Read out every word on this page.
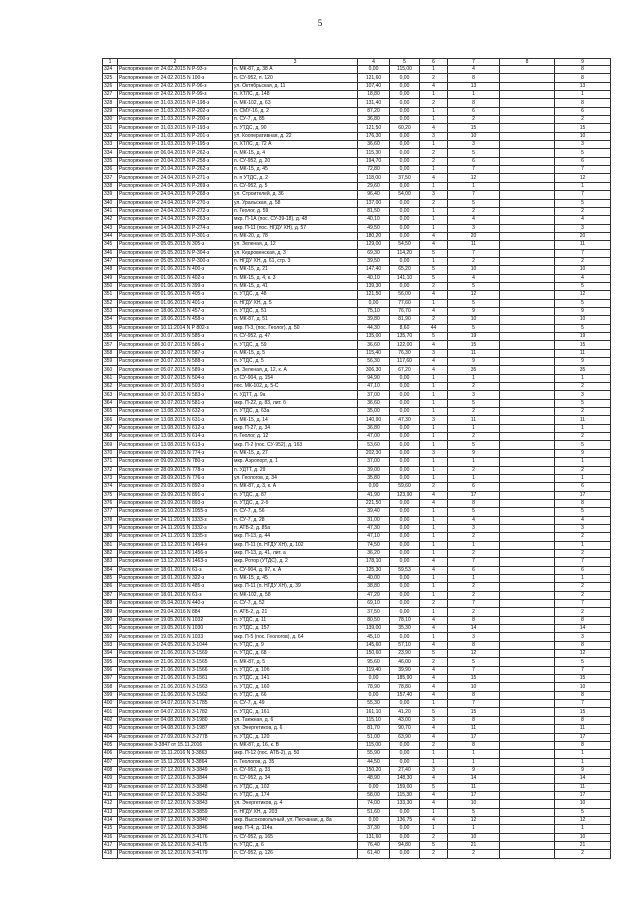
5
1	2	3	4	5	6	7	8	9
324	Распоряжение от 24.02.2015 N Р-93-з	п. МК-87, д. 38 А	0,00	115,00	1	4		8
325	Распоряжение от 24.02.2015 N 100-з	п. СУ-952, п. 120	121,60	0,00	2	8		8
326	Распоряжение от 24.02.2015 N Р-96-з	ул. Октябрьская, д. 11	107,40	0,00	4	13		13
327	Распоряжение от 24.02.2015 N Р-99-з	п. ХТЛС, д. 148	18,80	0,00	1	1		1
328	Распоряжение от 31.03.2015 N Р-198-з	п. МК-102, д. 63	131,40	0,00	2	8		8
329	Распоряжение от 31.03.2015 N Р-202-з	п. СМУ-16, д. 2	87,20	0,00	1	6		6
330	Распоряжение от 31.03.2015 N Р-200-з	п. СУ-7, д. 85	36,80	0,00	1	2		2
331	Распоряжение от 31.03.2015 N Р-193-з	п. УТДС, д. 90	121,50	60,20	4	15		15
332	Распоряжение от 31.03.2015 N Р-201-з	ул. Кооперативная, д. 22	176,30	0,00	3	10		10
333	Распоряжение от 31.03.2015 N Р-195-з	п. ХТЛС, д. 72 А	36,60	0,00	1	3		3
334	Распоряжение от 06.04.2015 N Р-262-з	п. МК-15, д. 4	115,30	0,00	2	5		5
335	Распоряжение от 20.04.2015 N Р-258-з	п. СУ-952, д. 20	194,70	0,00	2	6		6
336	Распоряжение от 20.04.2015 N Р-262-з	п. МК-15, д. 45	72,80	0,00	1	7		7
337	Распоряжение от 24.04.2015 N Р-271-з	п. п УТДС, д. 2	118,00	37,50	4	12		12
338	Распоряжение от 24.04.2015 N Р-269-з	п. СУ-952, д. 5	29,60	0,00	1	1		1
339	Распоряжение от 24.04.2015 N Р-268-з	ул. Строителей, д. 36	96,40	54,00	3	7		7
340	Распоряжение от 24.04.2015 N Р-270-з	ул. Уральская, д. 58	137,00	0,00	2	5		5
341	Распоряжение от 24.04.2015 N Р-272-з	п. Геолог, д. 59	81,50	0,00	1	2		2
342	Распоряжение от 24.04.2015 N Р-263-з	мкр. П-1А (пос. СУ-39-18), д. 48	40,10	0,00	1	4		4
343	Распоряжение от 14.04.2015 N Р-274-з	мкр. П-11 (пос. НГДУ ХН), д. 57	49,50	0,00	1	3		3
344	Распоряжение от 05.05.2015 N Р-301-з	п. МК-20, д. 78	180,20	0,00	4	20		20
345	Распоряжение от 05.05.2015 N 305-з	ул. Зеленая, д. 12	129,00	54,50	4	11		11
346	Распоряжение от 05.05.2015 N Р-304-з	ул. Кедровенская, д. 3	69,30	114,20	5	7		7
347	Распоряжение от 05.05.2015 N Р-300-з	п. НГДУ ХН, д. 61, стр. 3	39,50	0,00	1	2		2
348	Распоряжение от 01.06.2015 N 400-з	п. МК-15, д. 21	147,40	65,20	5	10		10
349	Распоряжение от 01.06.2015 N 402-з	п. МК-15, д. 4, к. 3	40,10	141,10	5	4		4
350	Распоряжение от 01.06.2015 N 399-з	п. МК-15, д. 41	139,30	0,00	2	5		5
351	Распоряжение от 01.06.2015 N 405-з	п. УТДС, д. 48	121,50	56,00	4	12		12
352	Распоряжение от 01.06.2015 N 401-з	п. НГДУ ХН, д. 5	0,00	77,60	1	5		5
353	Распоряжение от 18.06.2015 N 457-з	п. УТДС, д. 51	75,10	76,70	4	9		9
354	Распоряжение от 18.06.2015 N 458-з	п. МК-87, д. 51	39,80	81,90	2	10		10
355	Распоряжение от 10.11.2014 N Р 802-з	мкр. П-3, (пос. Геолог), д. 50	44,30	8,60	44	5		5
356	Распоряжение от 30.07.2015 N 585-з	п. СУ-952, д. 47	135,00	135,70	5	19		19
357	Распоряжение от 30.07.2015 N 586-з	п. УТДС, д. 59	36,60	122,00	4	15		15
358	Распоряжение от 30.07.2015 N 587-з	п. МК-15, д. 5	115,40	76,30	3	11		11
359	Распоряжение от 30.07.2015 N 588-з	п. УТДС, д. 5	56,30	117,60	4	9		9
360	Распоряжение от 05.07.2015 N 589-з	ул. Зеленая, д. 12, к. А	306,30	67,20	4	35		35
361	Распоряжение от 30.07.2015 N 504-з	п. СУ-904, д. 154	94,90	0,00	1	1		1
362	Распоряжение от 30.07.2015 N 503-з	пос. МК-102, д. 5-С	47,10	0,00	1	2		2
363	Распоряжение от 30.07.2015 N 583-з	п. УДТТ, д. 9а	37,00	0,00	1	3		3
364	Распоряжение от 30.07.2015 N 581-з	мкр. П-22, д. 83, лит. б	36,60	0,00	1	5		5
365	Распоряжение от 13.08.2015 N 632-з	п. УТДС, д. 63а	35,00	0,00	1	2		2
366	Распоряжение от 13.08.2015 N 631-з	п. МК-15, д. 14	140,90	47,30	3	11		11
367	Распоряжение от 13.08.2015 N 612-з	мкр. П-27, д. 34	36,80	0,00	1	1		1
368	Распоряжение от 13.08.2015 N 614-з	п. Геолог, д. 12	47,00	0,00	1	2		2
369	Распоряжение от 13.08.2015 N 613-з	мкр. П-2 (пос. СУ-952), д. 163	53,60	0,00	1	5		5
370	Распоряжение от 09.09.2015 N 774-з	п. МК-15, д. 27	202,30	0,00	3	9		9
371	Распоряжение от 09.09.2015 N 780-з	мкр. Аэропорт, д. 1	37,00	0,00	1	1		1
372	Распоряжение от 28.09.2015 N 778-з	п. УДТТ, д. 29	39,00	0,00	1	2		2
373	Распоряжение от 28.09.2015 N 776-з	ул. Геологов, д. 34	35,80	0,00	1	1		1
374	Распоряжение от 29.09.2015 N 892-з	п. МК-87, д. 3, к. А	0,00	59,60	2	6		6
375	Распоряжение от 29.09.2015 N 891-з	п. УТДС, д. 87	41,90	123,90	4	17		17
376	Распоряжение от 29.09.2015 N 893-з	п. УТДС, д. 2-б	221,50	0,00	4	8		8
377	Распоряжение от 16.10.2015 N 1055-з	п. СУ-7, д. 56	39,40	0,00	1	5		5
378	Распоряжение от 24.11.2015 N 1333-з	п. СУ-7, д. 28	31,00	0,00	1	4		4
379	Распоряжение от 24.11.2015 N 1332-з	п. АТБ-2, д. 85а	47,30	0,00	1	3		3
380	Распоряжение от 24.11.2015 N 1335-з	мкр. П-13, д. 44	47,10	0,00	1	2		2
381	Распоряжение от 13.12.2015 N 1464-з	мкр. П-11 (п. НГДУ ХН), д. 102	74,50	0,00	1	1		1
382	Распоряжение от 13.12.2015 N 1456-з	мкр. П-13, д. 41, лит. а	36,20	0,00	1	2		2
383	Распоряжение от 13.12.2015 N 1463-з	мкр. Ротор (УТДС), д. 2	178,10	0,00	4	7		7
384	Распоряжение от 18.01.2016 N 61-з	п. СУ-904, д. 97, к. А	125,30	59,53	4	6		6
385	Распоряжение от 18.01.2016 N 322-з	п. МК-15, д. 45	40,00	0,00	1	1		1
386	Распоряжение от 03.03.2016 N 485-з	мкр. П-11 (п. НГДУ ХН), д. 39	38,80	0,00	1	2		2
387	Распоряжение от 18.01.2016 N 61-з	п. МК-102, д. 58	47,20	0,00	1	2		2
388	Распоряжение от 05.04.2016 N 440-з	п. СУ-7, д. 52	69,10	0,00	2	7		7
389	Распоряжение от 29.04.2016 N 884	п. АТБ-2, д. 21	37,50	0,00	1	2		2
390	Распоряжение от 19.05.2016 N 1032	п. УТДС, д. 11	80,50	78,10	4	8		8
391	Распоряжение от 19.05.2016 N 1030	п. УТДС, д. 157	139,00	35,30	4	14		14
392	Распоряжение от 19.05.2016 N 1033	мкр. П-5 (пос. Геологов), д. 64	45,10	0,00	1	3		3
393	Распоряжение от 24.05.2016 N 3-1044	п. УТДС, д. 9	145,60	57,10	4	8		8
394	Распоряжение от 21.06.2016 N 3-1569	п. УТДС, д. 68	150,60	23,90	5	12		12
395	Распоряжение от 21.06.2016 N 3-1565	п. МК-87, д. 5	95,60	46,00	2	5		5
396	Распоряжение от 21.06.2016 N 3-1566	п. УТДС, д. 10б	119,40	39,90	4	7		7
397	Распоряжение от 21.06.2016 N 3-1561	п. УТДС, д. 141	0,00	185,90	4	15		15
398	Распоряжение от 21.06.2016 N 3-1563	п. УТДС, д. 160	78,90	78,80	4	10		10
399	Распоряжение от 21.06.2016 N 3-1562	п. УТДС, д. 66	0,00	157,40	4	8		8
400	Распоряжение от 04.07.2016 N 3-1785	п. СУ-7, д. 49	55,30	0,00	1	7		7
401	Распоряжение от 04.07.2016 N 3-1782	п. УТДС, д. 161	161,10	41,20	5	15		15
402	Распоряжение от 04.08.2016 N 3-1980	ул. Таежная, д. 6	115,10	43,00	3	8		8
403	Распоряжение от 04.08.2016 N 3-1987	ул. Энергетиков, д. 6	81,70	90,70	4	11		11
404	Распоряжение от 27.09.2016 N 3-2778	п. УТДС, д. 120	51,00	63,90	4	17		17
405	Распоряжение 3-3847 от 15.11.2016	п. МК-87, д. 16, к. В	115,00	0,00	2	8		8
406	Распоряжение от 15.11.2016 N 3-3863	мкр. П-12 (пос. АТБ-2), д. 50	55,90	0,00	1	1		1
407	Распоряжение от 15.11.2016 N 3-3864	п. Геологов, д. 35	44,50	0,00	1	1		1
408	Распоряжение от 07.12.2016 N 3-3849	п. СУ-952, д. 33	150,20	27,40	3	9		9
409	Распоряжение от 07.12.2016 N 3-3844	п. СУ-952, д. 34	48,90	148,30	4	14		14
410	Распоряжение от 07.12.2016 N 3-3848	п. УТДС, д. 102	0,00	159,00	5	11		11
411	Распоряжение от 07.12.2016 N 3-3842	п. УТДС, д. 174	58,00	115,30	4	17		17
412	Распоряжение от 07.12.2016 N 3-3843	ул. Энергетиков, д. 4	74,00	133,30	4	10		10
413	Распоряжение от 07.12.2016 N 3-3859	п. НГДУ ХН, д. 203	51,60	0,00	1	5		5
414	Распоряжение от 07.12.2016 N 3-3840	мкр. Высоковольтный, ул. Песчаная, д. 8а	0,00	136,75	4	12		12
415	Распоряжение от 07.12.2016 N 3-3846	мкр. П-4, д. 114а	37,30	0,00	1	1		1
416	Распоряжение от 26.12.2016 N 3-4176	п. СУ-952, д. 165	131,60	0,00	2	10		10
417	Распоряжение от 26.12.2016 N 3-4175	п. УТДС, д. 6	76,40	94,80	5	21		21
418	Распоряжение от 26.12.2016 N 3-4179	п. СУ-952, д. 126	61,40	0,00	2	2		2
